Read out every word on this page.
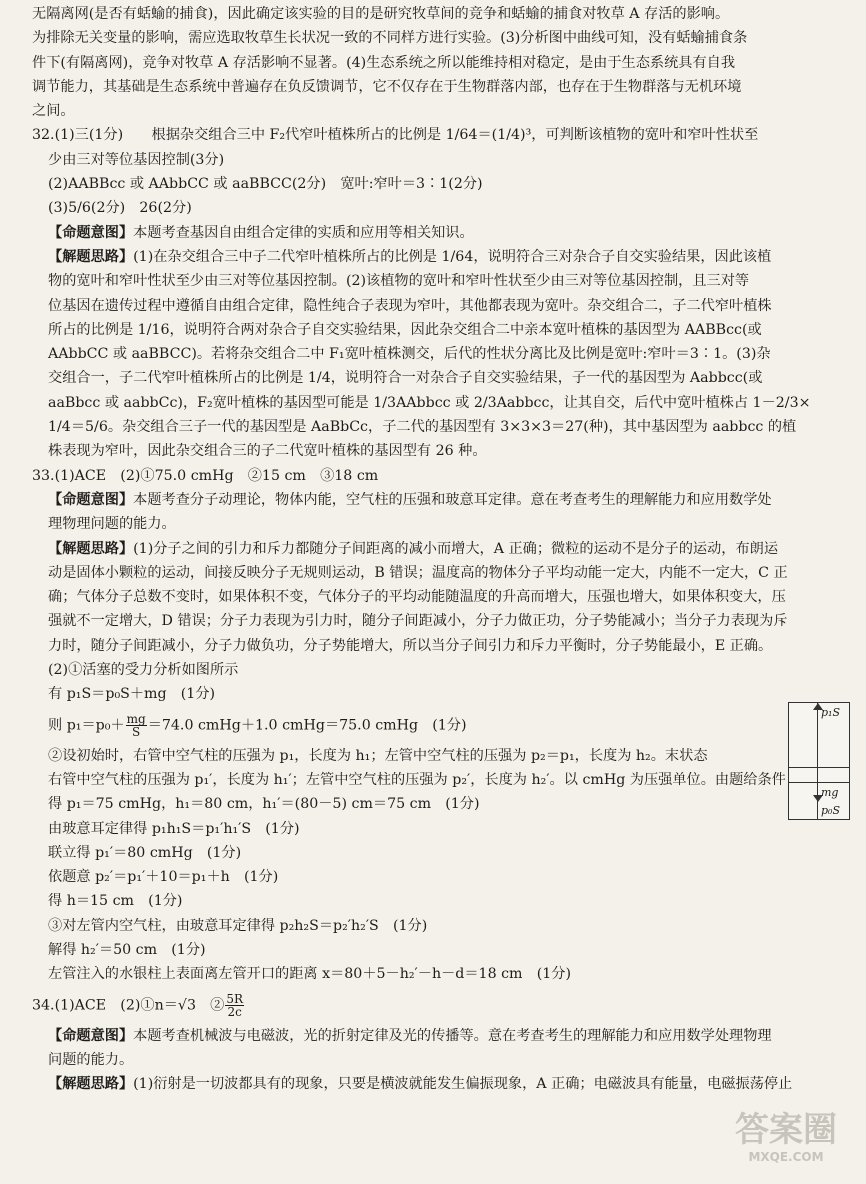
无隔离网(是否有蛞蝓的捕食)，因此确定该实验的目的是研究牧草间的竞争和蛞蝓的捕食对牧草 A 存活的影响。

为排除无关变量的影响，需应选取牧草生长状况一致的不同样方进行实验。(3)分析图中曲线可知，没有蛞蝓捕食条

件下(有隔离网)，竞争对牧草 A 存活影响不显著。(4)生态系统之所以能维持相对稳定，是由于生态系统具有自我

调节能力，其基础是生态系统中普遍存在负反馈调节，它不仅存在于生物群落内部，也存在于生物群落与无机环境

之间。

32.(1)三(1分)　　根据杂交组合三中 F₂代窄叶植株所占的比例是 1/64＝(1/4)³，可判断该植物的宽叶和窄叶性状至

少由三对等位基因控制(3分)

(2)AABBcc 或 AAbbCC 或 aaBBCC(2分)　宽叶:窄叶＝3∶1(2分)

(3)5/6(2分)　26(2分)

【命题意图】本题考查基因自由组合定律的实质和应用等相关知识。

【解题思路】(1)在杂交组合三中子二代窄叶植株所占的比例是 1/64，说明符合三对杂合子自交实验结果，因此该植

物的宽叶和窄叶性状至少由三对等位基因控制。(2)该植物的宽叶和窄叶性状至少由三对等位基因控制，且三对等

位基因在遗传过程中遵循自由组合定律，隐性纯合子表现为窄叶，其他都表现为宽叶。杂交组合二，子二代窄叶植株

所占的比例是 1/16，说明符合两对杂合子自交实验结果，因此杂交组合二中亲本宽叶植株的基因型为 AABBcc(或

AAbbCC 或 aaBBCC)。若将杂交组合二中 F₁宽叶植株测交，后代的性状分离比及比例是宽叶:窄叶＝3∶1。(3)杂

交组合一，子二代窄叶植株所占的比例是 1/4，说明符合一对杂合子自交实验结果，子一代的基因型为 Aabbcc(或

aaBbcc 或 aabbCc)，F₂宽叶植株的基因型可能是 1/3AAbbcc 或 2/3Aabbcc，让其自交，后代中宽叶植株占 1－2/3×

1/4＝5/6。杂交组合三子一代的基因型是 AaBbCc，子二代的基因型有 3×3×3＝27(种)，其中基因型为 aabbcc 的植

株表现为窄叶，因此杂交组合三的子二代宽叶植株的基因型有 26 种。

33.(1)ACE　(2)①75.0 cmHg　②15 cm　③18 cm

【命题意图】本题考查分子动理论，物体内能，空气柱的压强和玻意耳定律。意在考查考生的理解能力和应用数学处

理物理问题的能力。

【解题思路】(1)分子之间的引力和斥力都随分子间距离的减小而增大，A 正确；微粒的运动不是分子的运动，布朗运

动是固体小颗粒的运动，间接反映分子无规则运动，B 错误；温度高的物体分子平均动能一定大，内能不一定大，C 正

确；气体分子总数不变时，如果体积不变，气体分子的平均动能随温度的升高而增大，压强也增大，如果体积变大，压

强就不一定增大，D 错误；分子力表现为引力时，随分子间距减小，分子力做正功，分子势能减小；当分子力表现为斥

力时，随分子间距减小，分子力做负功，分子势能增大，所以当分子间引力和斥力平衡时，分子势能最小，E 正确。

(2)①活塞的受力分析如图所示

有 p₁S＝p₀S＋mg　(1分)

则 $p_1=p_0+ \frac{mg}{S} =74.0$ cmHg＋1.0 cmHg＝75.0 cmHg　(1分)

②设初始时，右管中空气柱的压强为 p₁，长度为 h₁；左管中空气柱的压强为 p₂＝p₁，长度为 h₂。末状态

右管中空气柱的压强为 p₁′，长度为 h₁′；左管中空气柱的压强为 p₂′，长度为 h₂′。以 cmHg 为压强单位。由题给条件

得 p₁＝75 cmHg，h₁＝80 cm，h₁′＝(80－5) cm＝75 cm　(1分)

由玻意耳定律得 p₁h₁S＝p₁′h₁′S　(1分)

联立得 p₁′＝80 cmHg　(1分)

依题意 p₂′＝p₁′＋10＝p₁＋h　(1分)

得 h＝15 cm　(1分)

③对左管内空气柱，由玻意耳定律得 p₂h₂S＝p₂′h₂′S　(1分)

解得 h₂′＝50 cm　(1分)

左管注入的水银柱上表面离左管开口的距离 x＝80＋5－h₂′－h－d＝18 cm　(1分)

34.(1)ACE　(2)①n＝√3　② $\frac{5R}{2c}$

【命题意图】本题考查机械波与电磁波，光的折射定律及光的传播等。意在考查考生的理解能力和应用数学处理物理

问题的能力。

【解题思路】(1)衍射是一切波都具有的现象，只要是横波就能发生偏振现象，A 正确；电磁波具有能量，电磁振荡停止

p₁S
mg
p₀S
答案圈
MXQE.COM
